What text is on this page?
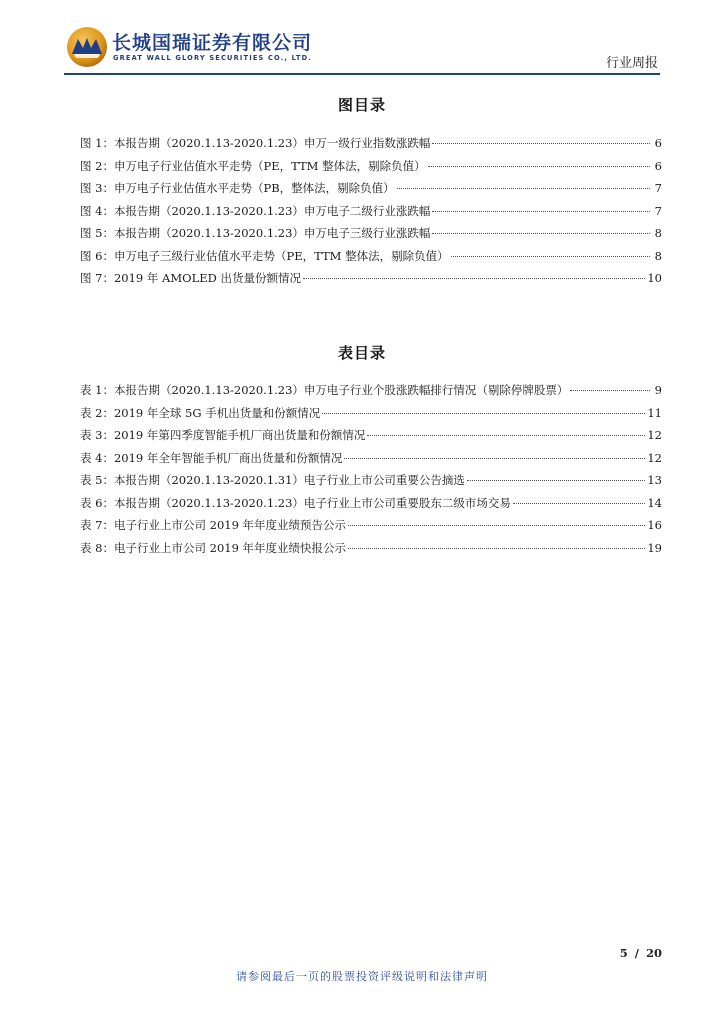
长城国瑞证券有限公司
GREAT WALL GLORY SECURITIES CO., LTD.	行业周报
图目录
图 1： 本报告期（2020.1.13-2020.1.23）申万一级行业指数涨跌幅	6
图 2： 申万电子行业估值水平走势（PE，TTM 整体法，剔除负值）	6
图 3： 申万电子行业估值水平走势（PB，整体法，剔除负值）	7
图 4： 本报告期（2020.1.13-2020.1.23）申万电子二级行业涨跌幅	7
图 5： 本报告期（2020.1.13-2020.1.23）申万电子三级行业涨跌幅	8
图 6： 申万电子三级行业估值水平走势（PE，TTM 整体法，剔除负值）	8
图 7： 2019 年 AMOLED 出货量份额情况	10
表目录
表 1： 本报告期（2020.1.13-2020.1.23）申万电子行业个股涨跌幅排行情况（剔除停牌股票）	9
表 2： 2019 年全球 5G 手机出货量和份额情况	11
表 3： 2019 年第四季度智能手机厂商出货量和份额情况	12
表 4： 2019 年全年智能手机厂商出货量和份额情况	12
表 5： 本报告期（2020.1.13-2020.1.31）电子行业上市公司重要公告摘选	13
表 6： 本报告期（2020.1.13-2020.1.23）电子行业上市公司重要股东二级市场交易	14
表 7： 电子行业上市公司 2019 年年度业绩预告公示	16
表 8： 电子行业上市公司 2019 年年度业绩快报公示	19
5 / 20
请参阅最后一页的股票投资评级说明和法律声明
